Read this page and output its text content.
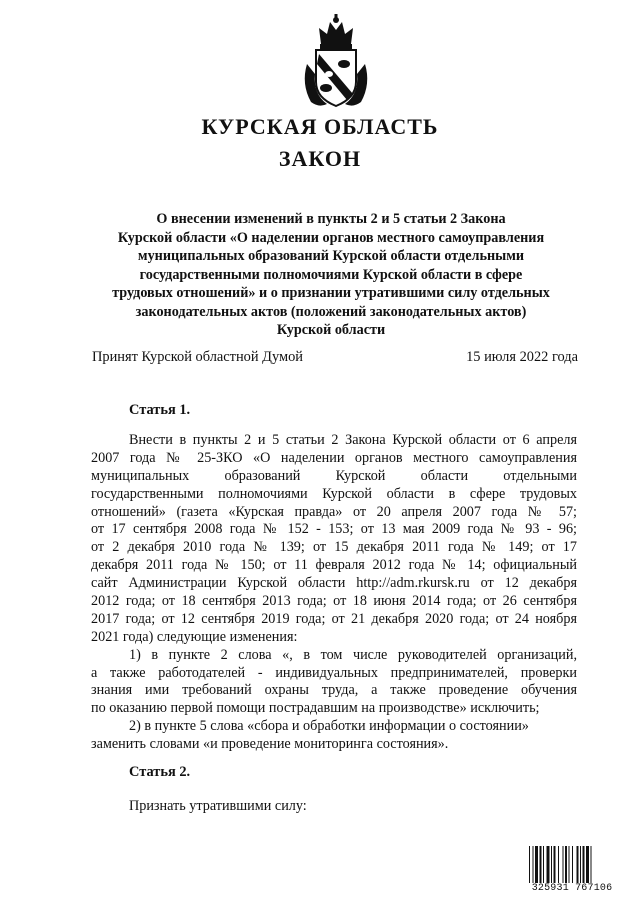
КУРСКАЯ ОБЛАСТЬ
ЗАКОН
О внесении изменений в пункты 2 и 5 статьи 2 Закона
Курской области «О наделении органов местного самоуправления
муниципальных образований Курской области отдельными
государственными полномочиями Курской области в сфере
трудовых отношений» и о признании утратившими силу отдельных
законодательных актов (положений законодательных актов)
Курской области
Принят Курской областной Думой	15 июля 2022 года
Статья 1.
Внести в пункты 2 и 5 статьи 2 Закона Курской области от 6 апреля
2007 года № 25-ЗКО «О наделении органов местного самоуправления
муниципальных образований Курской области отдельными
государственными полномочиями Курской области в сфере трудовых
отношений» (газета «Курская правда» от 20 апреля 2007 года № 57;
от 17 сентября 2008 года № 152 - 153; от 13 мая 2009 года № 93 - 96;
от 2 декабря 2010 года № 139; от 15 декабря 2011 года № 149; от 17
декабря 2011 года № 150; от 11 февраля 2012 года № 14; официальный
сайт Администрации Курской области http://adm.rkursk.ru от 12 декабря
2012 года; от 18 сентября 2013 года; от 18 июня 2014 года; от 26 сентября
2017 года; от 12 сентября 2019 года; от 21 декабря 2020 года; от 24 ноября
2021 года) следующие изменения:
1) в пункте 2 слова «, в том числе руководителей организаций,
а также работодателей - индивидуальных предпринимателей, проверки
знания ими требований охраны труда, а также проведение обучения
по оказанию первой помощи пострадавшим на производстве» исключить;
2) в пункте 5 слова «сбора и обработки информации о состоянии»
заменить словами «и проведение мониторинга состояния».
Статья 2.
Признать утратившими силу:
325931 767106
